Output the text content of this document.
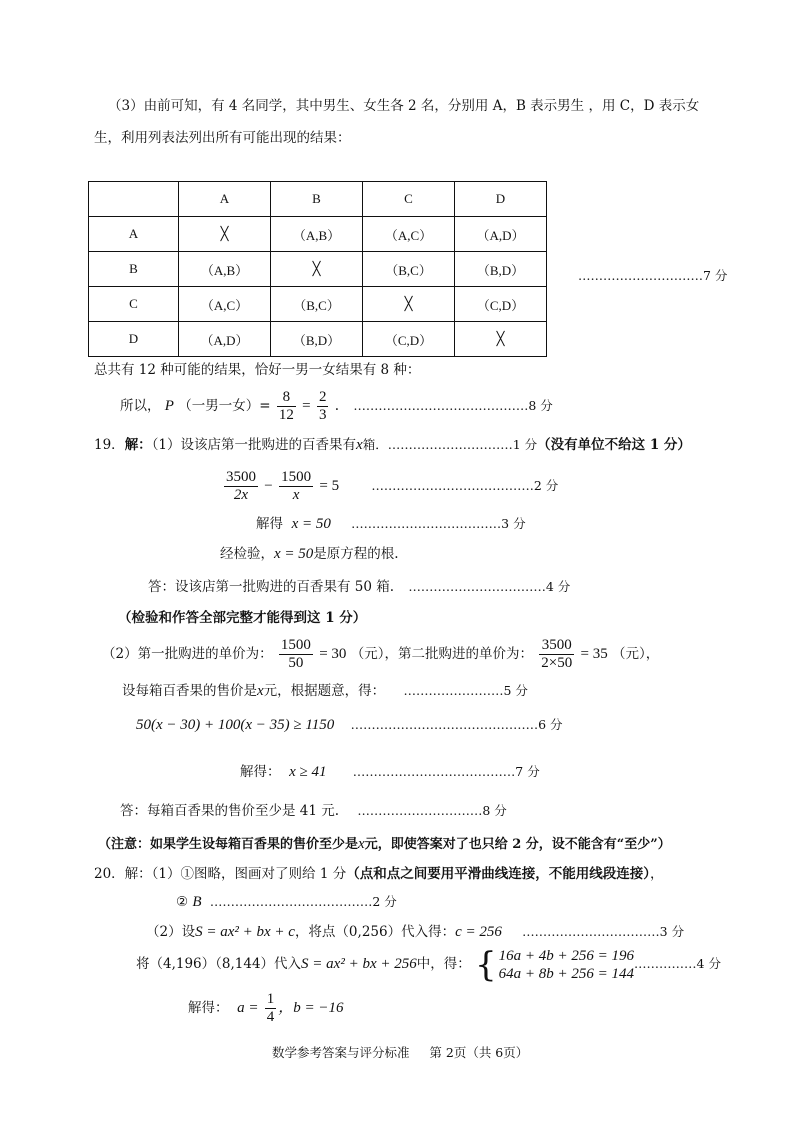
（3）由前可知，有 4 名同学，其中男生、女生各 2 名，分别用 A，B 表示男生 ，用 C，D 表示女
生，利用列表法列出所有可能出现的结果：
	A	B	C	D
A	╳	（A,B）	（A,C）	（A,D）
B	（A,B）	╳	（B,C）	（B,D）
C	（A,C）	（B,C）	╳	（C,D）
D	（A,D）	（B,D）	（C,D）	╳
…………………………7 分
总共有 12 种可能的结果，恰好一男一女结果有 8 种：
所以， P （一男一女）= $\frac{8}{12} = \frac{2}{3}$ . ……………………………………8 分
19．解：（1）设该店第一批购进的百香果有x箱．…………………………1 分（没有单位不给这 1 分）
$\frac{3500}{2x} - \frac{1500}{x} = 5$	…………………………………2 分
解得 x = 50 ………………………………3 分
经检验，x = 50是原方程的根.
答：设该店第一批购进的百香果有 50 箱. ……………………………4 分
（检验和作答全部完整才能得到这 1 分）
（2）第一批购进的单价为： $\frac{1500}{50} = 30$ （元），第二批购进的单价为： $\frac{3500}{2\times 50} = 35$ （元），
设每箱百香果的售价是x元，根据题意，得： ……………………5 分
50(x − 30) + 100(x − 35) ≥ 1150 ………………………………………6 分
解得： x ≥ 41 …………………………………7 分
答：每箱百香果的售价至少是 41 元. …………………………8 分
（注意：如果学生设每箱百香果的售价至少是x元，即使答案对了也只给 2 分，设不能含有“至少”）
20．解：（1）①图略，图画对了则给 1 分（点和点之间要用平滑曲线连接，不能用线段连接），
② B …………………………………2 分
（2）设S = ax² + bx + c，将点（0,256）代入得：c = 256 ……………………………3 分
将（4,196）（8,144）代入S = ax² + bx + 256中，得： { 16a + 4b + 256 = 196
64a + 8b + 256 = 144
……………4 分
解得： $a = \frac{1}{4}$ ，b = −16
数学参考答案与评分标准 第 2页（共 6页）
